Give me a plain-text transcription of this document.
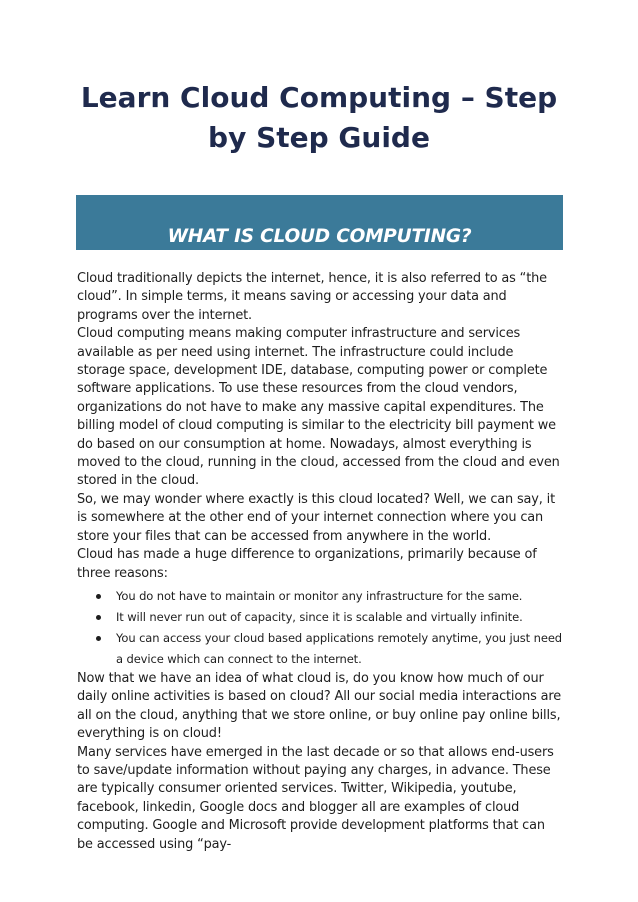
Learn Cloud Computing – Step by Step Guide
WHAT IS CLOUD COMPUTING?

Cloud traditionally depicts the internet, hence, it is also referred to as “the cloud”. In simple terms, it means saving or accessing your data and programs over the internet.

Cloud computing means making computer infrastructure and services available as per need using internet. The infrastructure could include storage space, development IDE, database, computing power or complete software applications. To use these resources from the cloud vendors, organizations do not have to make any massive capital expenditures. The billing model of cloud computing is similar to the electricity bill payment we do based on our consumption at home. Nowadays, almost everything is moved to the cloud, running in the cloud, accessed from the cloud and even stored in the cloud.

So, we may wonder where exactly is this cloud located? Well, we can say, it is somewhere at the other end of your internet connection where you can store your files that can be accessed from anywhere in the world.

Cloud has made a huge difference to organizations, primarily because of three reasons:

You do not have to maintain or monitor any infrastructure for the same.
It will never run out of capacity, since it is scalable and virtually infinite.
You can access your cloud based applications remotely anytime, you just need a device which can connect to the internet.

Now that we have an idea of what cloud is, do you know how much of our daily online activities is based on cloud? All our social media interactions are all on the cloud, anything that we store online, or buy online pay online bills, everything is on cloud!

Many services have emerged in the last decade or so that allows end-users to save/update information without paying any charges, in advance. These are typically consumer oriented services. Twitter, Wikipedia, youtube, facebook, linkedin, Google docs and blogger all are examples of cloud computing. Google and Microsoft provide development platforms that can be accessed using “pay-
